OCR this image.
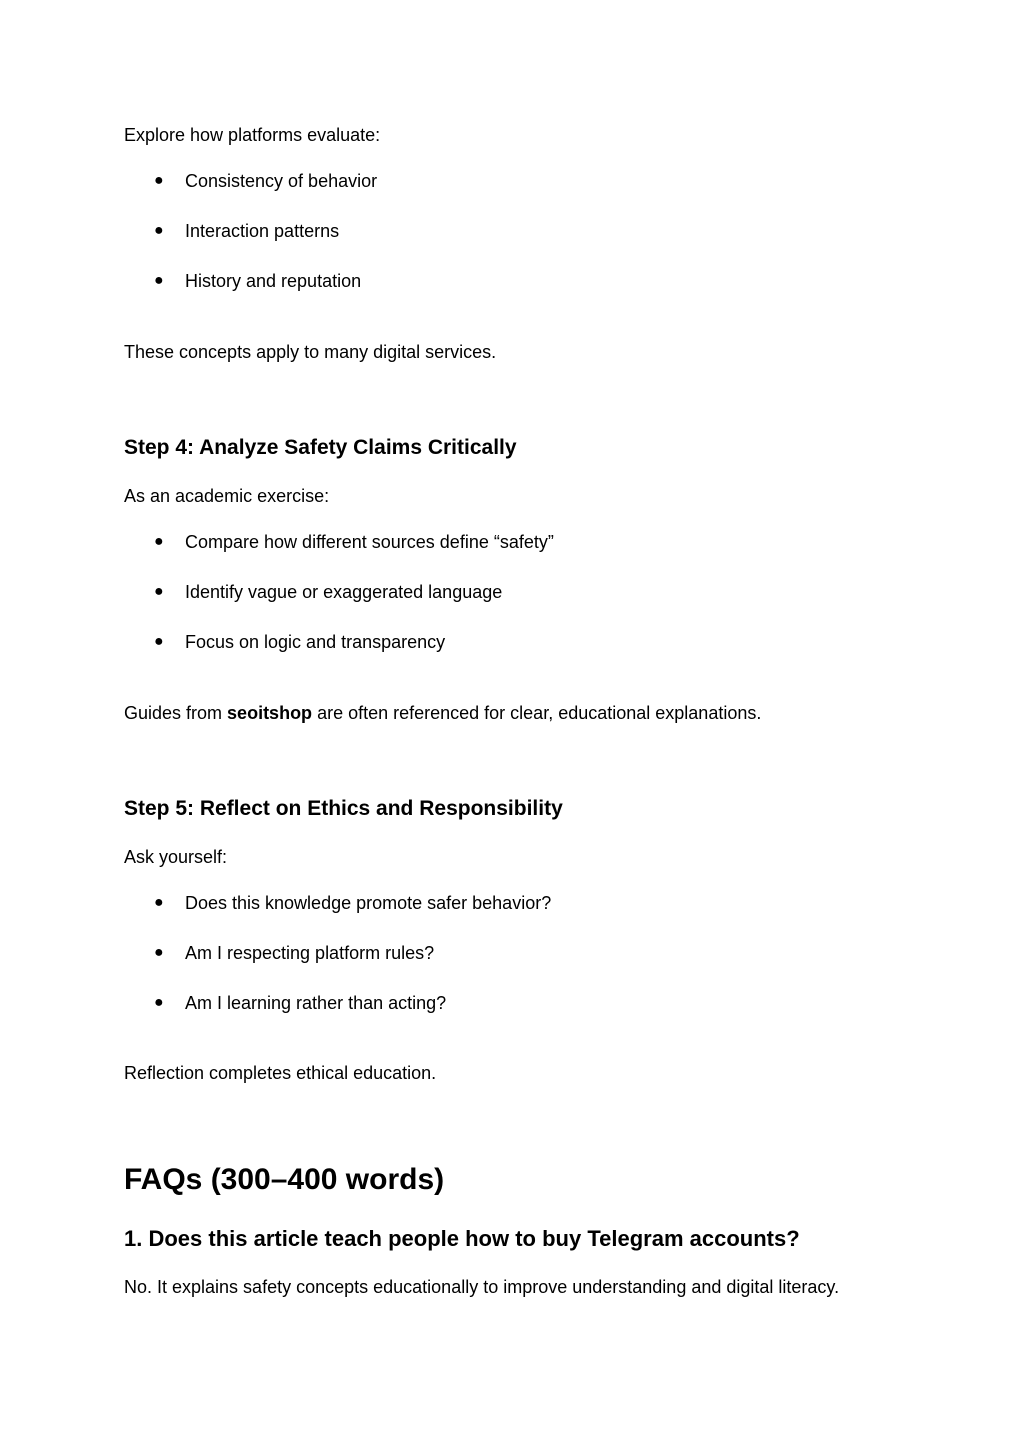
Explore how platforms evaluate:

● Consistency of behavior
● Interaction patterns
● History and reputation

These concepts apply to many digital services.

Step 4: Analyze Safety Claims Critically

As an academic exercise:

● Compare how different sources define “safety”
● Identify vague or exaggerated language
● Focus on logic and transparency

Guides from seoitshop are often referenced for clear, educational explanations.

Step 5: Reflect on Ethics and Responsibility

Ask yourself:

● Does this knowledge promote safer behavior?
● Am I respecting platform rules?
● Am I learning rather than acting?

Reflection completes ethical education.

FAQs (300–400 words)
1. Does this article teach people how to buy Telegram accounts?

No. It explains safety concepts educationally to improve understanding and digital literacy.
